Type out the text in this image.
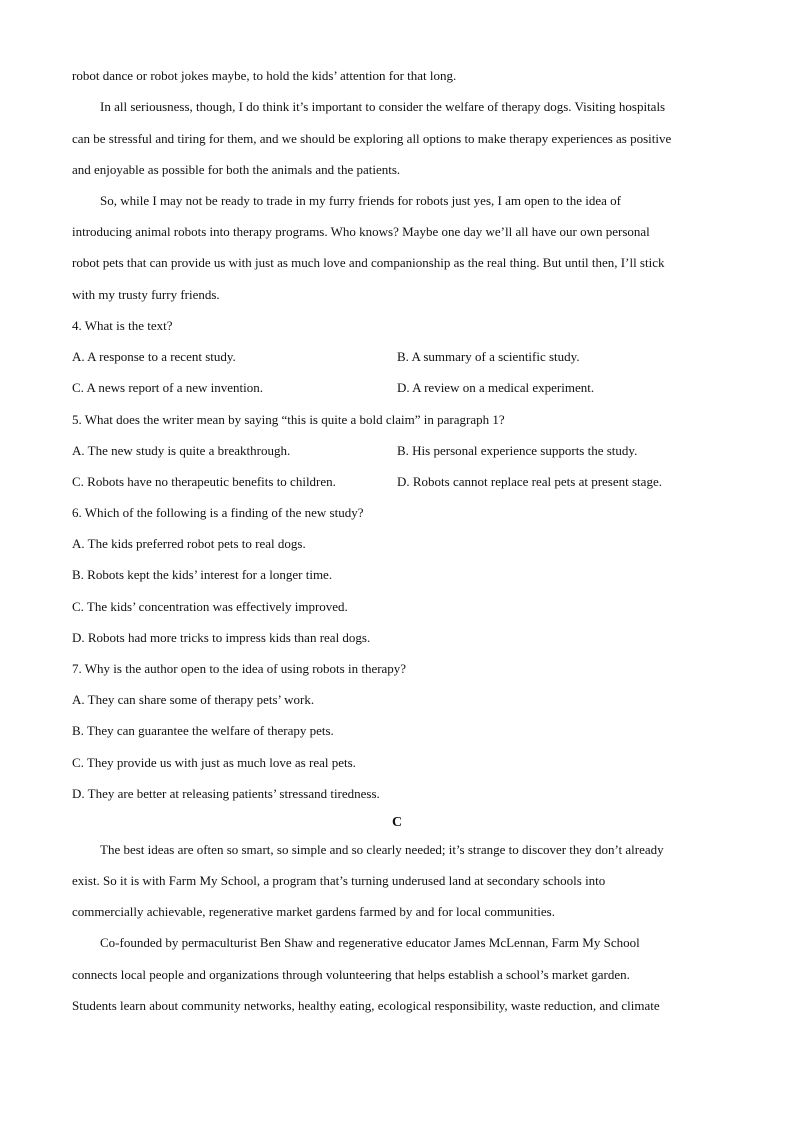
robot dance or robot jokes maybe, to hold the kids’ attention for that long.
In all seriousness, though, I do think it’s important to consider the welfare of therapy dogs. Visiting hospitals
can be stressful and tiring for them, and we should be exploring all options to make therapy experiences as positive
and enjoyable as possible for both the animals and the patients.
So, while I may not be ready to trade in my furry friends for robots just yes, I am open to the idea of
introducing animal robots into therapy programs. Who knows? Maybe one day we’ll all have our own personal
robot pets that can provide us with just as much love and companionship as the real thing. But until then, I’ll stick
with my trusty furry friends.
4. What is the text?
A. A response to a recent study.	B. A summary of a scientific study.
C. A news report of a new invention.	D. A review on a medical experiment.
5. What does the writer mean by saying “this is quite a bold claim” in paragraph 1?
A. The new study is quite a breakthrough.	B. His personal experience supports the study.
C. Robots have no therapeutic benefits to children.	D. Robots cannot replace real pets at present stage.
6. Which of the following is a finding of the new study?
A. The kids preferred robot pets to real dogs.
B. Robots kept the kids’ interest for a longer time.
C. The kids’ concentration was effectively improved.
D. Robots had more tricks to impress kids than real dogs.
7. Why is the author open to the idea of using robots in therapy?
A. They can share some of therapy pets’ work.
B. They can guarantee the welfare of therapy pets.
C. They provide us with just as much love as real pets.
D. They are better at releasing patients’ stressand tiredness.
C
The best ideas are often so smart, so simple and so clearly needed; it’s strange to discover they don’t already
exist. So it is with Farm My School, a program that’s turning underused land at secondary schools into
commercially achievable, regenerative market gardens farmed by and for local communities.
Co-founded by permaculturist Ben Shaw and regenerative educator James McLennan, Farm My School
connects local people and organizations through volunteering that helps establish a school’s market garden.
Students learn about community networks, healthy eating, ecological responsibility, waste reduction, and climate
